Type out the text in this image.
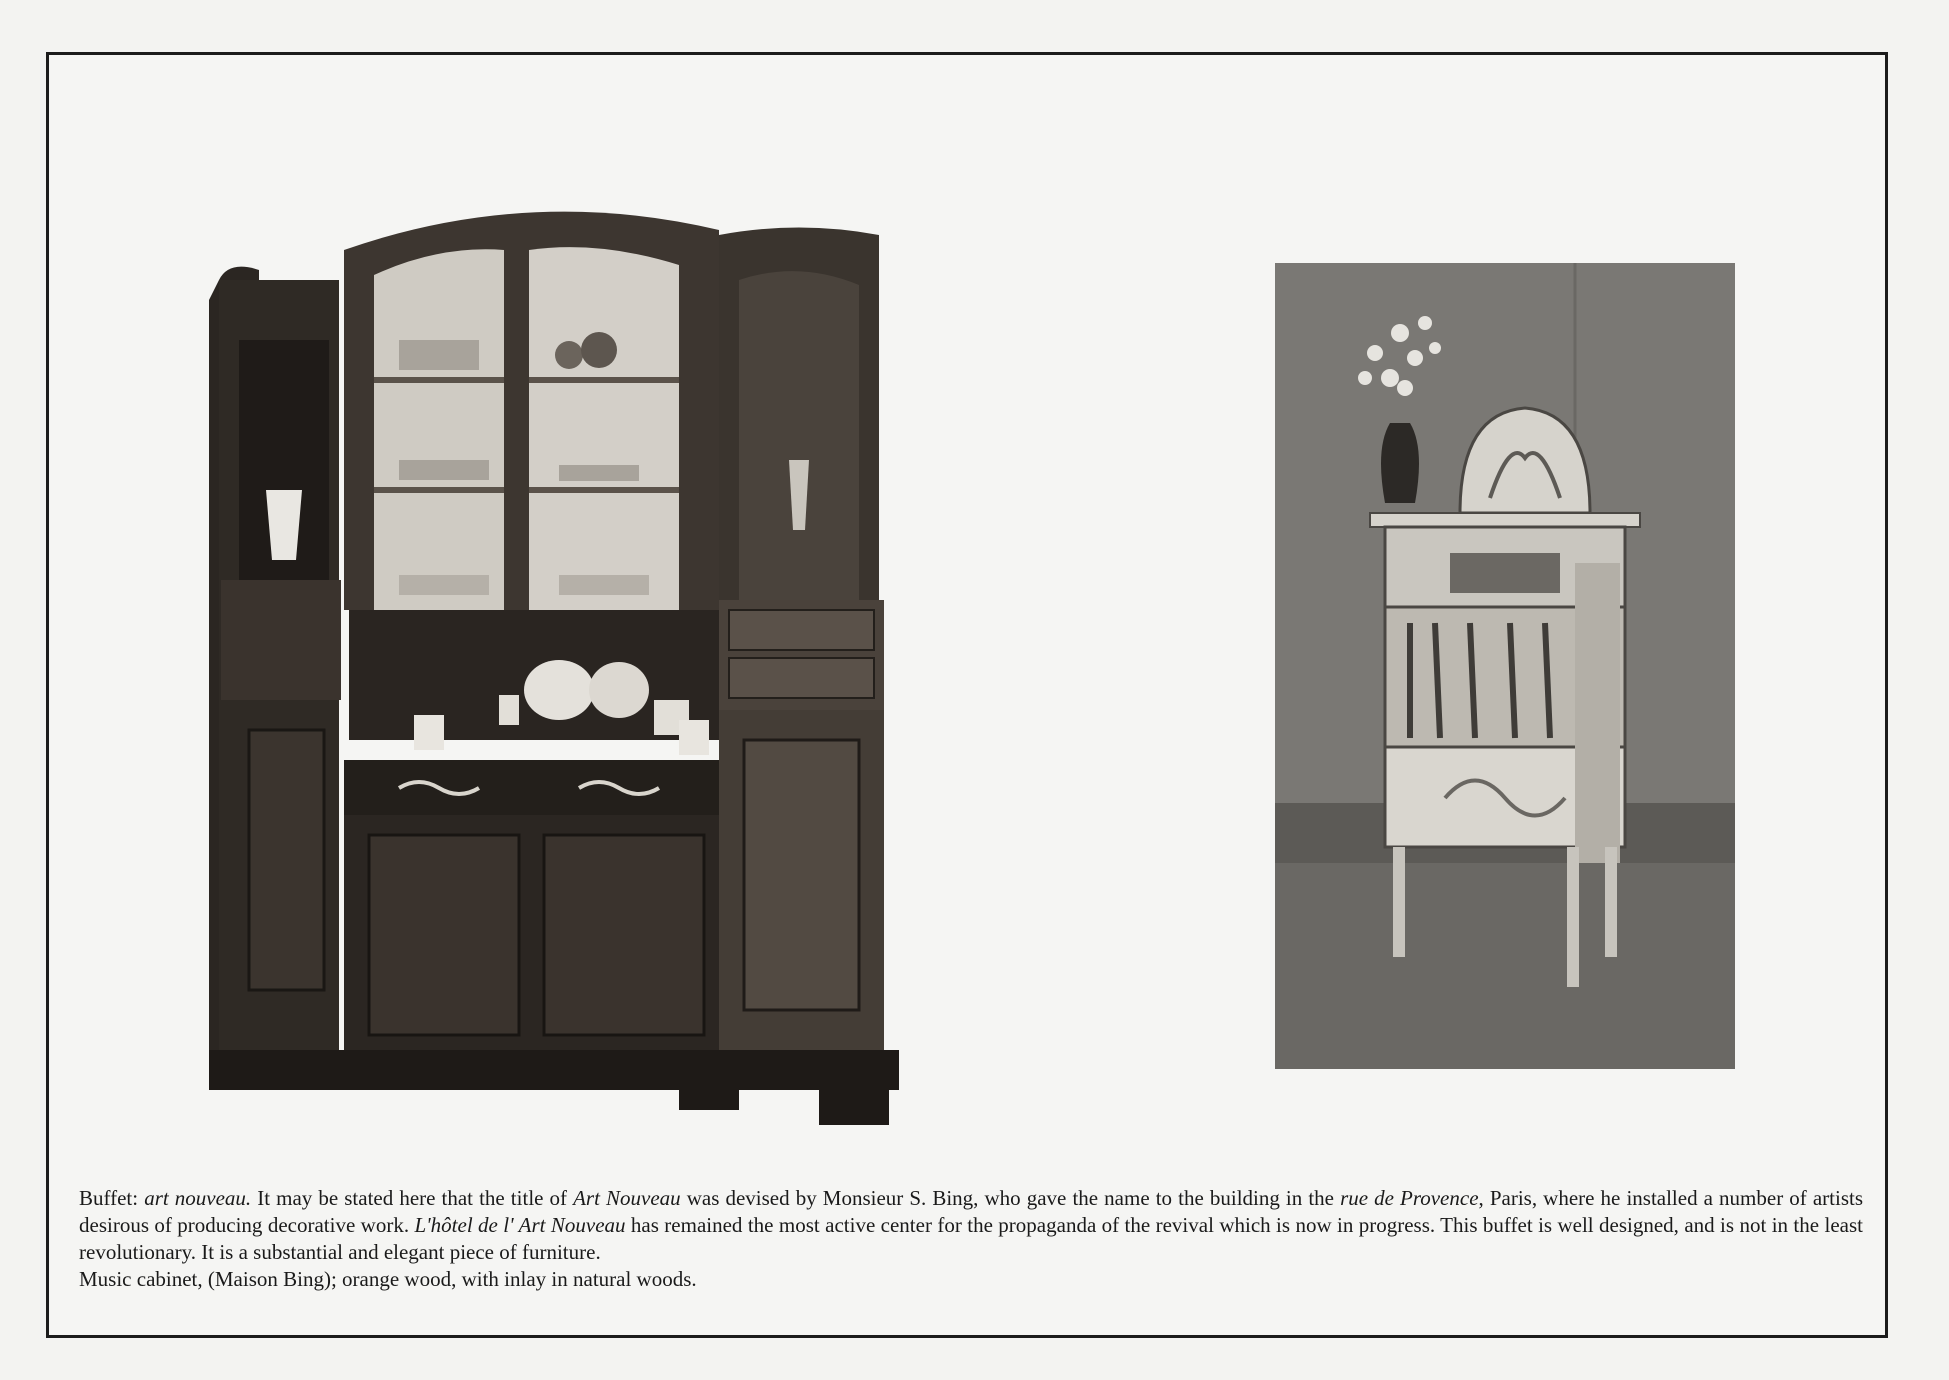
Buffet: art nouveau. It may be stated here that the title of Art Nouveau was devised by Monsieur S. Bing, who gave the name to the building in the rue de Provence, Paris, where he installed a number of artists desirous of producing decorative work. L'hôtel de l' Art Nouveau has remained the most active center for the propaganda of the revival which is now in progress. This buffet is well designed, and is not in the least revolutionary. It is a substantial and elegant piece of furniture.

Music cabinet, (Maison Bing); orange wood, with inlay in natural woods.
